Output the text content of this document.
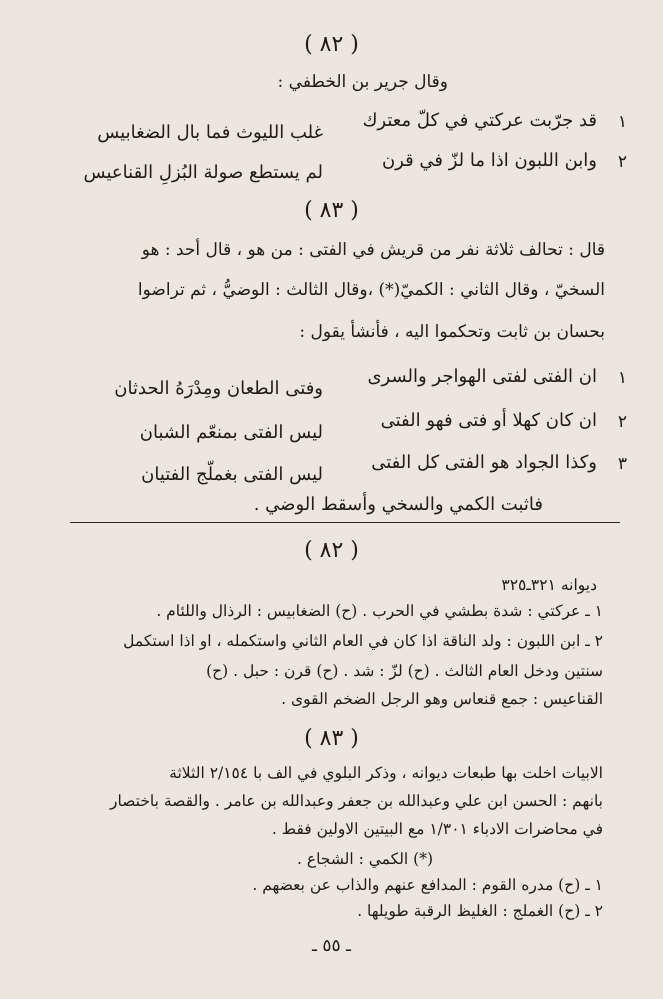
( ٨٢ )
وقال جرير بن الخطفي :
١
قد جرّبت عركتي في كلّ معترك
غلب الليوث فما بال الضغابيس
٢
وابن اللبون اذا ما لزّ في قرن
لم يستطع صولة البُزلِ القناعيس
( ٨٣ )
قال : تحالف ثلاثة نفر من قريش في الفتى : من هو ، قال أحد : هو
السخيّ ، وقال الثاني : الكميّ(*) ،وقال الثالث : الوضيُّ ، ثم تراضوا
بحسان بن ثابت وتحكموا اليه ، فأنشأ يقول :
١
ان الفتى لفتى الهواجر والسرى
وفتى الطعان ومِدْرَهُ الحدثان
٢
ان كان كهلا أو فتى فهو الفتى
ليس الفتى بمنعّم الشبان
٣
وكذا الجواد هو الفتى كل الفتى
ليس الفتى بغملّج الفتيان
فاثبت الكمي والسخي وأسقط الوضي .
( ٨٢ )
ديوانه ٣٢١ـ٣٢٥
١ ـ عركتي : شدة بطشي في الحرب . (ح) الضغابيس : الرذال واللئام .
٢ ـ ابن اللبون : ولد الناقة اذا كان في العام الثاني واستكمله ، او اذا استكمل
سنتين ودخل العام الثالث . (ح) لزّ : شد . (ح) قرن : حبل . (ح)
القناعيس : جمع قنعاس وهو الرجل الضخم القوى .
( ٨٣ )
الابيات اخلت بها طبعات ديوانه ، وذكر البلوي في الف با ٢/١٥٤ الثلاثة
بانهم : الحسن ابن علي وعبدالله بن جعفر وعبدالله بن عامر . والقصة باختصار
في محاضرات الادباء ١/٣٠١ مع البيتين الاولين فقط .
(*) الكمي : الشجاع .
١ ـ (ح) مدره القوم : المدافع عنهم والذاب عن بعضهم .
٢ ـ (ح) الغملج : الغليظ الرقبة طويلها .
ـ ٥٥ ـ
